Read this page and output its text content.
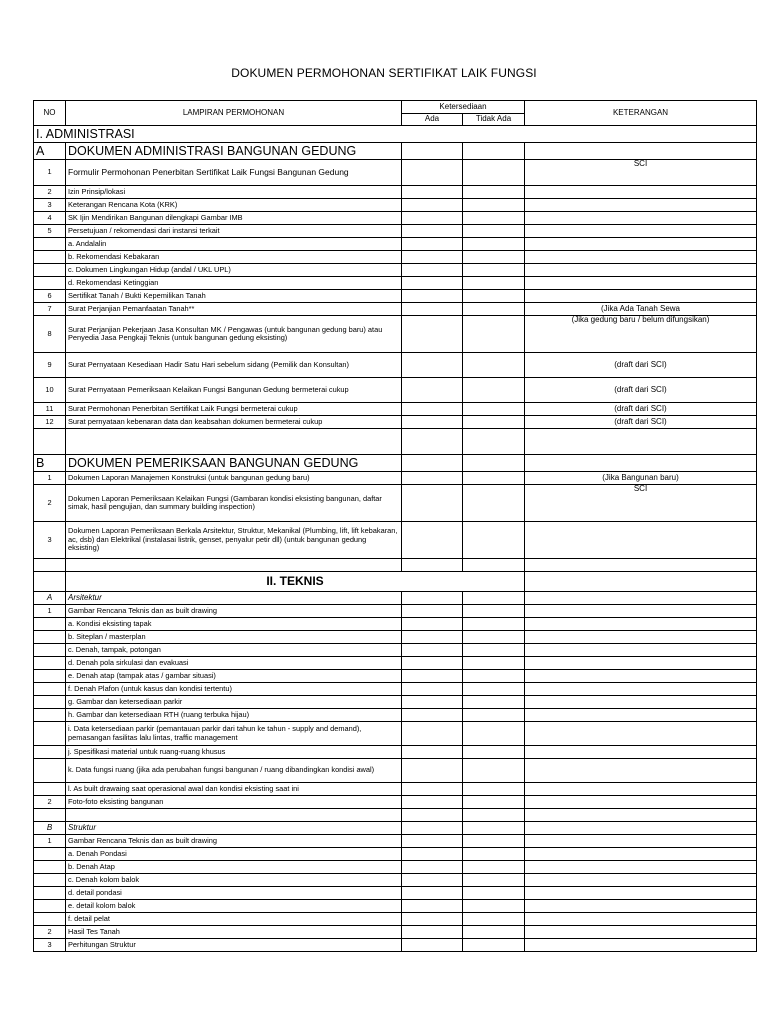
DOKUMEN PERMOHONAN SERTIFIKAT LAIK FUNGSI
NO	LAMPIRAN PERMOHONAN	Ketersediaan		KETERANGAN
		Ada	Tidak Ada	
I. ADMINISTRASI				
A	DOKUMEN ADMINISTRASI BANGUNAN GEDUNG			
1	Formulir Permohonan Penerbitan Sertifikat Laik Fungsi Bangunan Gedung			SCI
2	Izin Prinsip/lokasi			
3	Keterangan Rencana Kota (KRK)			
4	SK Ijin Mendirikan Bangunan dilengkapi Gambar IMB			
5	Persetujuan / rekomendasi dari instansi terkait			
	a. Andalalin			
	b. Rekomendasi Kebakaran			
	c. Dokumen Lingkungan Hidup (andal / UKL UPL)			
	d. Rekomendasi Ketinggian			
6	Sertifikat Tanah / Bukti Kepemilikan Tanah			
7	Surat Perjanjian Pemanfaatan Tanah**			(Jika Ada Tanah Sewa
8	Surat Perjanjian Pekerjaan Jasa Konsultan MK / Pengawas (untuk bangunan gedung baru) atau Penyedia Jasa Pengkaji Teknis (untuk bangunan gedung eksisting)			(Jika gedung baru / belum difungsikan)
9	Surat Pernyataan Kesediaan Hadir Satu Hari sebelum sidang (Pemilik dan Konsultan)			(draft dari SCI)
10	Surat Pernyataan Pemeriksaan Kelaikan Fungsi Bangunan Gedung bermeterai cukup			(draft dari SCI)
11	Surat Permohonan Penerbitan Sertifikat Laik Fungsi bermeterai cukup			(draft dari SCI)
12	Surat pernyataan kebenaran data dan keabsahan dokumen bermeterai cukup			(draft dari SCI)

B	DOKUMEN PEMERIKSAAN BANGUNAN GEDUNG			
1	Dokumen Laporan Manajemen Konstruksi (untuk bangunan gedung baru)			(Jika Bangunan baru)
2	Dokumen Laporan Pemeriksaan Kelaikan Fungsi (Gambaran kondisi eksisting bangunan, daftar simak, hasil pengujian, dan summary building inspection)			SCI
3	Dokumen Laporan Pemeriksaan Berkala Arsitektur, Struktur, Mekanikal (Plumbing, lift, lift kebakaran, ac, dsb) dan Elektrikal (instalasai listrik, genset, penyalur petir dll) (untuk bangunan gedung eksisting)			

	II. TEKNIS			
A	Arsitektur			
1	Gambar Rencana Teknis dan as built drawing			
	a. Kondisi eksisting tapak			
	b. Siteplan / masterplan			
	c. Denah, tampak, potongan			
	d. Denah pola sirkulasi dan evakuasi			
	e. Denah atap (tampak atas / gambar situasi)			
	f. Denah Plafon (untuk kasus dan kondisi tertentu)			
	g. Gambar dan ketersediaan parkir			
	h. Gambar dan ketersediaan RTH (ruang terbuka hijau)			
	i. Data ketersediaan parkir (pemantauan parkir dari tahun ke tahun - supply and demand), pemasangan fasilitas lalu lintas, traffic management			
	j. Spesifikasi material untuk ruang-ruang khusus			
	k. Data fungsi ruang (jika ada perubahan fungsi bangunan / ruang dibandingkan kondisi awal)			
	l. As built drawaing saat operasional awal dan kondisi eksisting saat ini			
2	Foto-foto eksisting bangunan			

B	Struktur			
1	Gambar Rencana Teknis dan as built drawing			
	a. Denah Pondasi			
	b. Denah Atap			
	c. Denah kolom balok			
	d. detail pondasi			
	e. detail kolom balok			
	f. detail pelat			
2	Hasil Tes Tanah			
3	Perhitungan Struktur			
